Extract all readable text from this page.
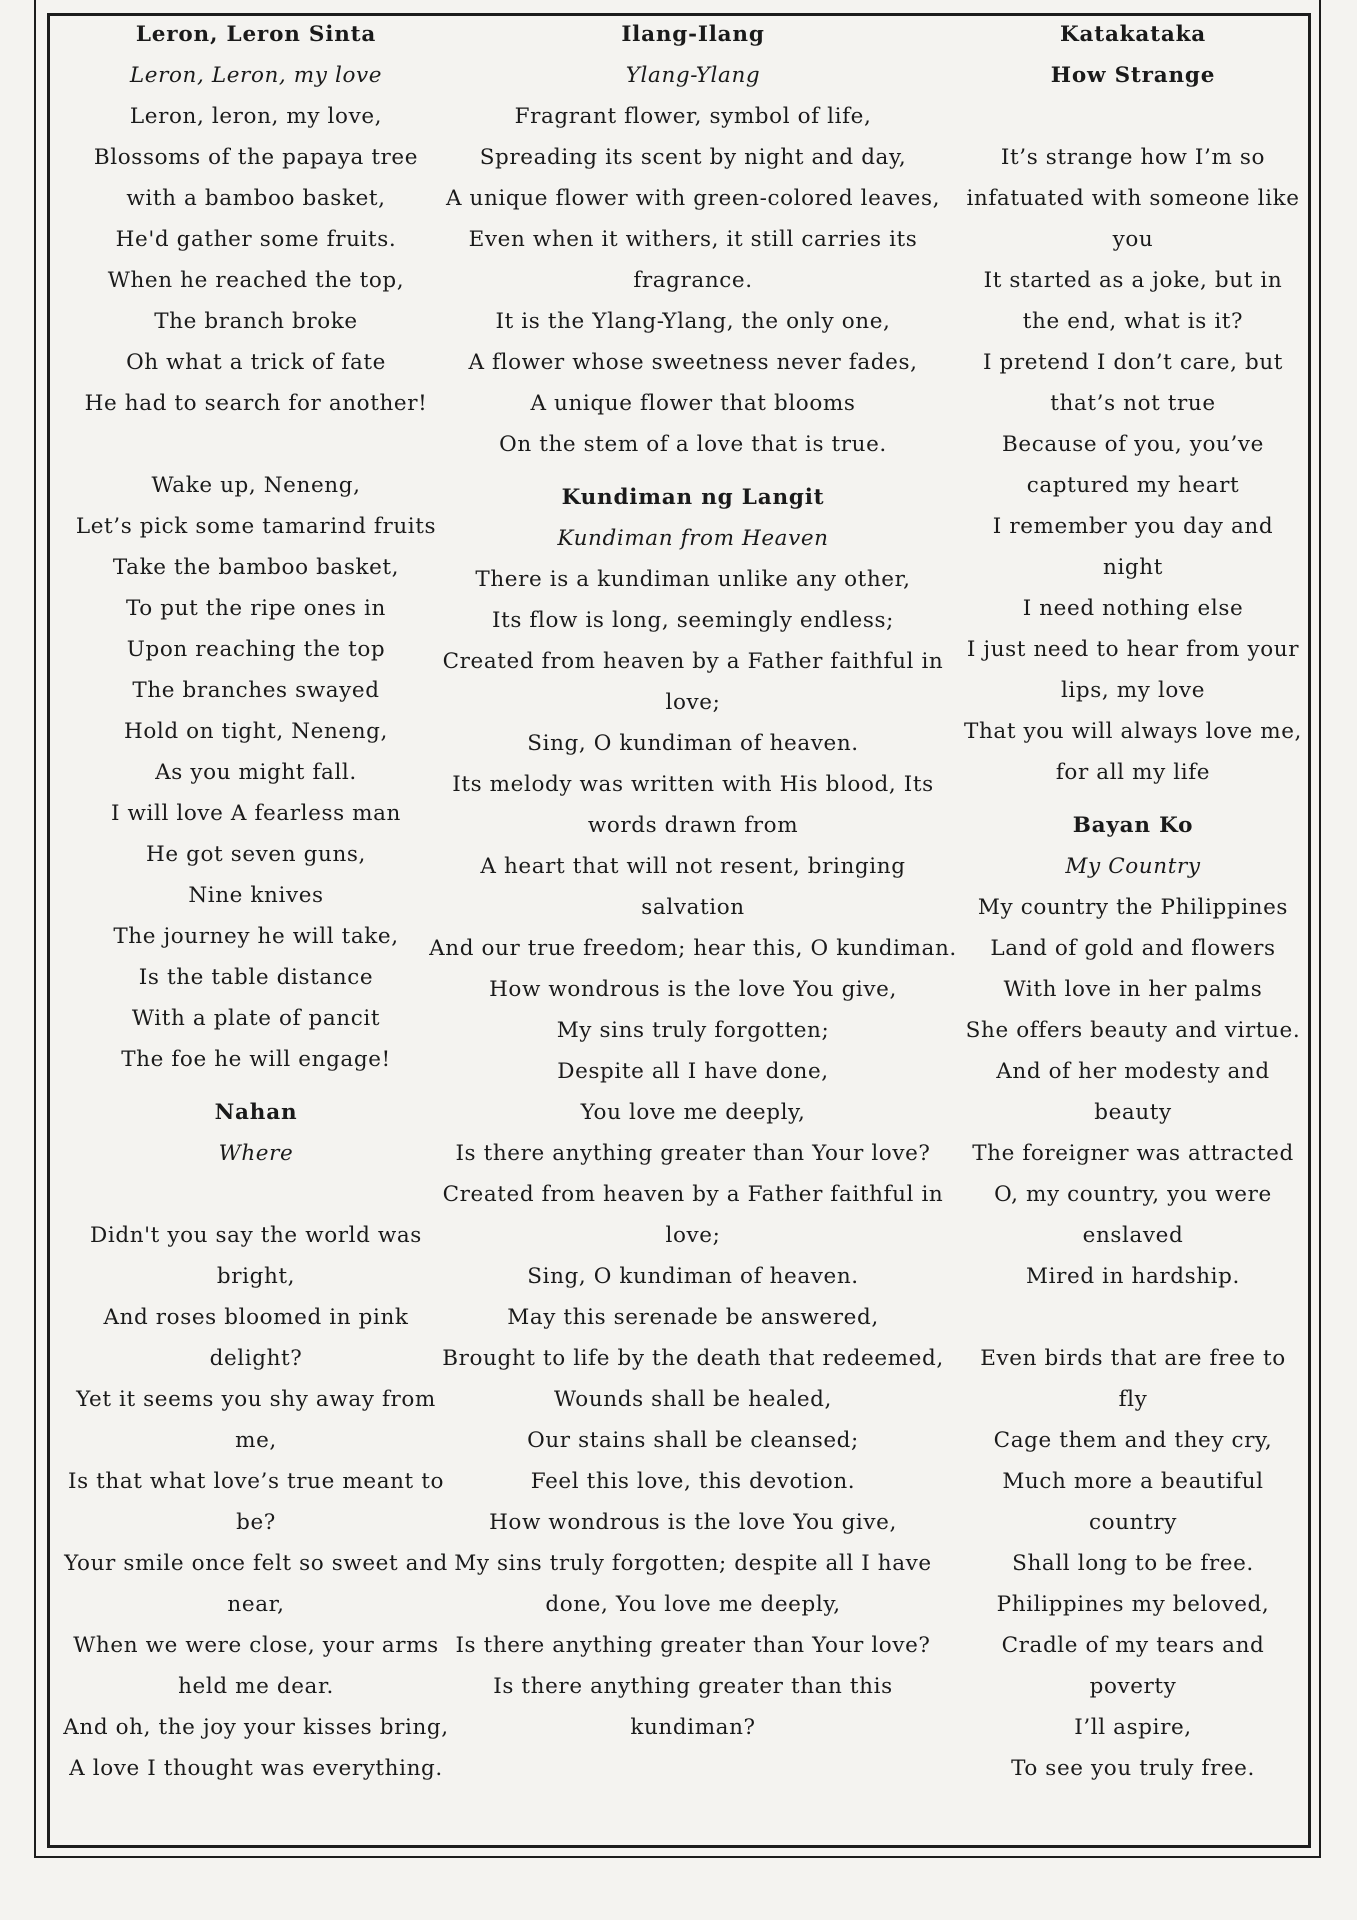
Leron, Leron Sinta
Leron, Leron, my love
Leron, leron, my love,
Blossoms of the papaya tree
with a bamboo basket,
He'd gather some fruits.
When he reached the top,
The branch broke
Oh what a trick of fate
He had to search for another!
Wake up, Neneng,
Let’s pick some tamarind fruits
Take the bamboo basket,
To put the ripe ones in
Upon reaching the top
The branches swayed
Hold on tight, Neneng,
As you might fall.
I will love A fearless man
He got seven guns,
Nine knives
The journey he will take,
Is the table distance
With a plate of pancit
The foe he will engage!
Nahan
Where
Didn't you say the world was bright,
And roses bloomed in pink delight?
Yet it seems you shy away from me,
Is that what love’s true meant to be?
Your smile once felt so sweet and near,
When we were close, your arms held me dear.
And oh, the joy your kisses bring,
A love I thought was everything.
Ilang-Ilang
Ylang-Ylang
Fragrant flower, symbol of life,
Spreading its scent by night and day,
A unique flower with green-colored leaves,
Even when it withers, it still carries its fragrance.
It is the Ylang-Ylang, the only one,
A flower whose sweetness never fades,
A unique flower that blooms
On the stem of a love that is true.
Kundiman ng Langit
Kundiman from Heaven
There is a kundiman unlike any other,
Its flow is long, seemingly endless;
Created from heaven by a Father faithful in love;
Sing, O kundiman of heaven.
Its melody was written with His blood, Its words drawn from
A heart that will not resent, bringing salvation
And our true freedom; hear this, O kundiman.
How wondrous is the love You give,
My sins truly forgotten;
Despite all I have done,
You love me deeply,
Is there anything greater than Your love?
Created from heaven by a Father faithful in love;
Sing, O kundiman of heaven.
May this serenade be answered,
Brought to life by the death that redeemed,
Wounds shall be healed,
Our stains shall be cleansed;
Feel this love, this devotion.
How wondrous is the love You give,
My sins truly forgotten; despite all I have done, You love me deeply,
Is there anything greater than Your love?
Is there anything greater than this kundiman?
Katakataka
How Strange
It’s strange how I’m so infatuated with someone like you
It started as a joke, but in the end, what is it?
I pretend I don’t care, but that’s not true
Because of you, you’ve captured my heart
I remember you day and night
I need nothing else
I just need to hear from your lips, my love
That you will always love me, for all my life
Bayan Ko
My Country
My country the Philippines
Land of gold and flowers
With love in her palms
She offers beauty and virtue.
And of her modesty and beauty
The foreigner was attracted
O, my country, you were enslaved
Mired in hardship.
Even birds that are free to fly
Cage them and they cry,
Much more a beautiful country
Shall long to be free.
Philippines my beloved,
Cradle of my tears and poverty
I’ll aspire,
To see you truly free.
